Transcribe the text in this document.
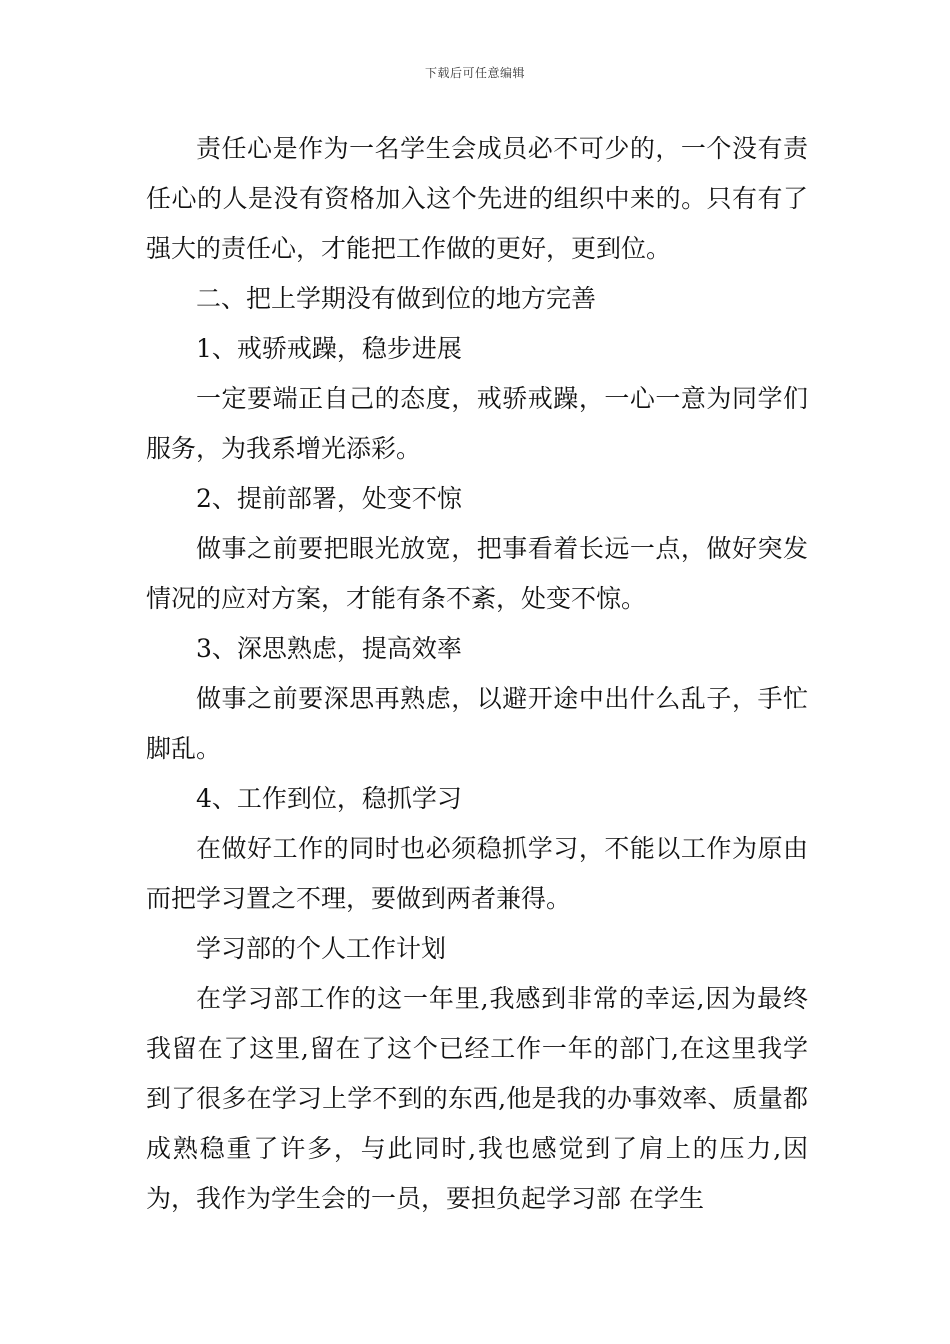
下载后可任意编辑

责任心是作为一名学生会成员必不可少的，一个没有责任心的人是没有资格加入这个先进的组织中来的。只有有了强大的责任心，才能把工作做的更好，更到位。

二、把上学期没有做到位的地方完善

1、戒骄戒躁，稳步进展

一定要端正自己的态度，戒骄戒躁，一心一意为同学们服务，为我系增光添彩。

2、提前部署，处变不惊

做事之前要把眼光放宽，把事看着长远一点，做好突发情况的应对方案，才能有条不紊，处变不惊。

3、深思熟虑，提高效率

做事之前要深思再熟虑，以避开途中出什么乱子，手忙脚乱。

4、工作到位，稳抓学习

在做好工作的同时也必须稳抓学习，不能以工作为原由而把学习置之不理，要做到两者兼得。

学习部的个人工作计划

在学习部工作的这一年里,我感到非常的幸运,因为最终我留在了这里,留在了这个已经工作一年的部门,在这里我学 到了很多在学习上学不到的东西,他是我的办事效率、质量都成熟稳重了许多，与此同时,我也感觉到了肩上的压力,因为，我作为学生会的一员，要担负起学习部 在学生
